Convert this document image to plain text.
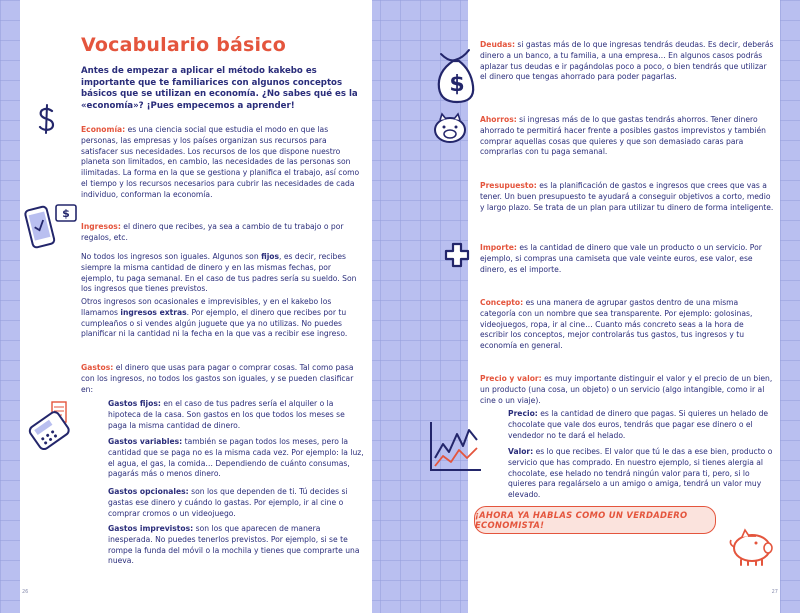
Vocabulario básico

Antes de empezar a aplicar el método kakebo es importante que te familiarices con algunos conceptos básicos que se utilizan en economía. ¿No sabes qué es la «economía»? ¡Pues empecemos a aprender!

$

Economía: es una ciencia social que estudia el modo en que las personas, las empresas y los países organizan sus recursos para satisfacer sus necesidades. Los recursos de los que dispone nuestro planeta son limitados, en cambio, las necesidades de las personas son ilimitadas. La forma en la que se gestiona y planifica el trabajo, así como el tiempo y los recursos necesarios para cubrir las necesidades de cada individuo, conforman la economía.

Ingresos: el dinero que recibes, ya sea a cambio de tu trabajo o por regalos, etc.

No todos los ingresos son iguales. Algunos son fijos, es decir, recibes siempre la misma cantidad de dinero y en las mismas fechas, por ejemplo, tu paga semanal. En el caso de tus padres sería su sueldo. Son los ingresos que tienes previstos.

Otros ingresos son ocasionales e imprevisibles, y en el kakebo los llamamos ingresos extras. Por ejemplo, el dinero que recibes por tu cumpleaños o si vendes algún juguete que ya no utilizas. No puedes planificar ni la cantidad ni la fecha en la que vas a recibir ese ingreso.

Gastos: el dinero que usas para pagar o comprar cosas. Tal como pasa con los ingresos, no todos los gastos son iguales, y se pueden clasificar en:

Gastos fijos: en el caso de tus padres sería el alquiler o la hipoteca de la casa. Son gastos en los que todos los meses se paga la misma cantidad de dinero.

Gastos variables: también se pagan todos los meses, pero la cantidad que se paga no es la misma cada vez. Por ejemplo: la luz, el agua, el gas, la comida… Dependiendo de cuánto consumas, pagarás más o menos dinero.

Gastos opcionales: son los que dependen de ti. Tú decides si gastas ese dinero y cuándo lo gastas. Por ejemplo, ir al cine o comprar cromos o un videojuego.

Gastos imprevistos: son los que aparecen de manera inesperada. No puedes tenerlos previstos. Por ejemplo, si se te rompe la funda del móvil o la mochila y tienes que comprarte una nueva.

26

Deudas: si gastas más de lo que ingresas tendrás deudas. Es decir, deberás dinero a un banco, a tu familia, a una empresa… En algunos casos podrás aplazar tus deudas e ir pagándolas poco a poco, o bien tendrás que utilizar el dinero que tengas ahorrado para poder pagarlas.

Ahorros: si ingresas más de lo que gastas tendrás ahorros. Tener dinero ahorrado te permitirá hacer frente a posibles gastos imprevistos y también comprar aquellas cosas que quieres y que son demasiado caras para comprarlas con tu paga semanal.

Presupuesto: es la planificación de gastos e ingresos que crees que vas a tener. Un buen presupuesto te ayudará a conseguir objetivos a corto, medio y largo plazo. Se trata de un plan para utilizar tu dinero de forma inteligente.

Importe: es la cantidad de dinero que vale un producto o un servicio. Por ejemplo, si compras una camiseta que vale veinte euros, ese valor, ese dinero, es el importe.

Concepto: es una manera de agrupar gastos dentro de una misma categoría con un nombre que sea transparente. Por ejemplo: golosinas, videojuegos, ropa, ir al cine… Cuanto más concreto seas a la hora de escribir los conceptos, mejor controlarás tus gastos, tus ingresos y tu economía en general.

Precio y valor: es muy importante distinguir el valor y el precio de un bien, un producto (una cosa, un objeto) o un servicio (algo intangible, como ir al cine o un viaje).

Precio: es la cantidad de dinero que pagas. Si quieres un helado de chocolate que vale dos euros, tendrás que pagar ese dinero o el vendedor no te dará el helado.

Valor: es lo que recibes. El valor que tú le das a ese bien, producto o servicio que has comprado. En nuestro ejemplo, si tienes alergia al chocolate, ese helado no tendrá ningún valor para ti, pero, si lo quieres para regalárselo a un amigo o amiga, tendrá un valor muy elevado.

¡AHORA YA HABLAS COMO UN VERDADERO ECONOMISTA!
27
$
